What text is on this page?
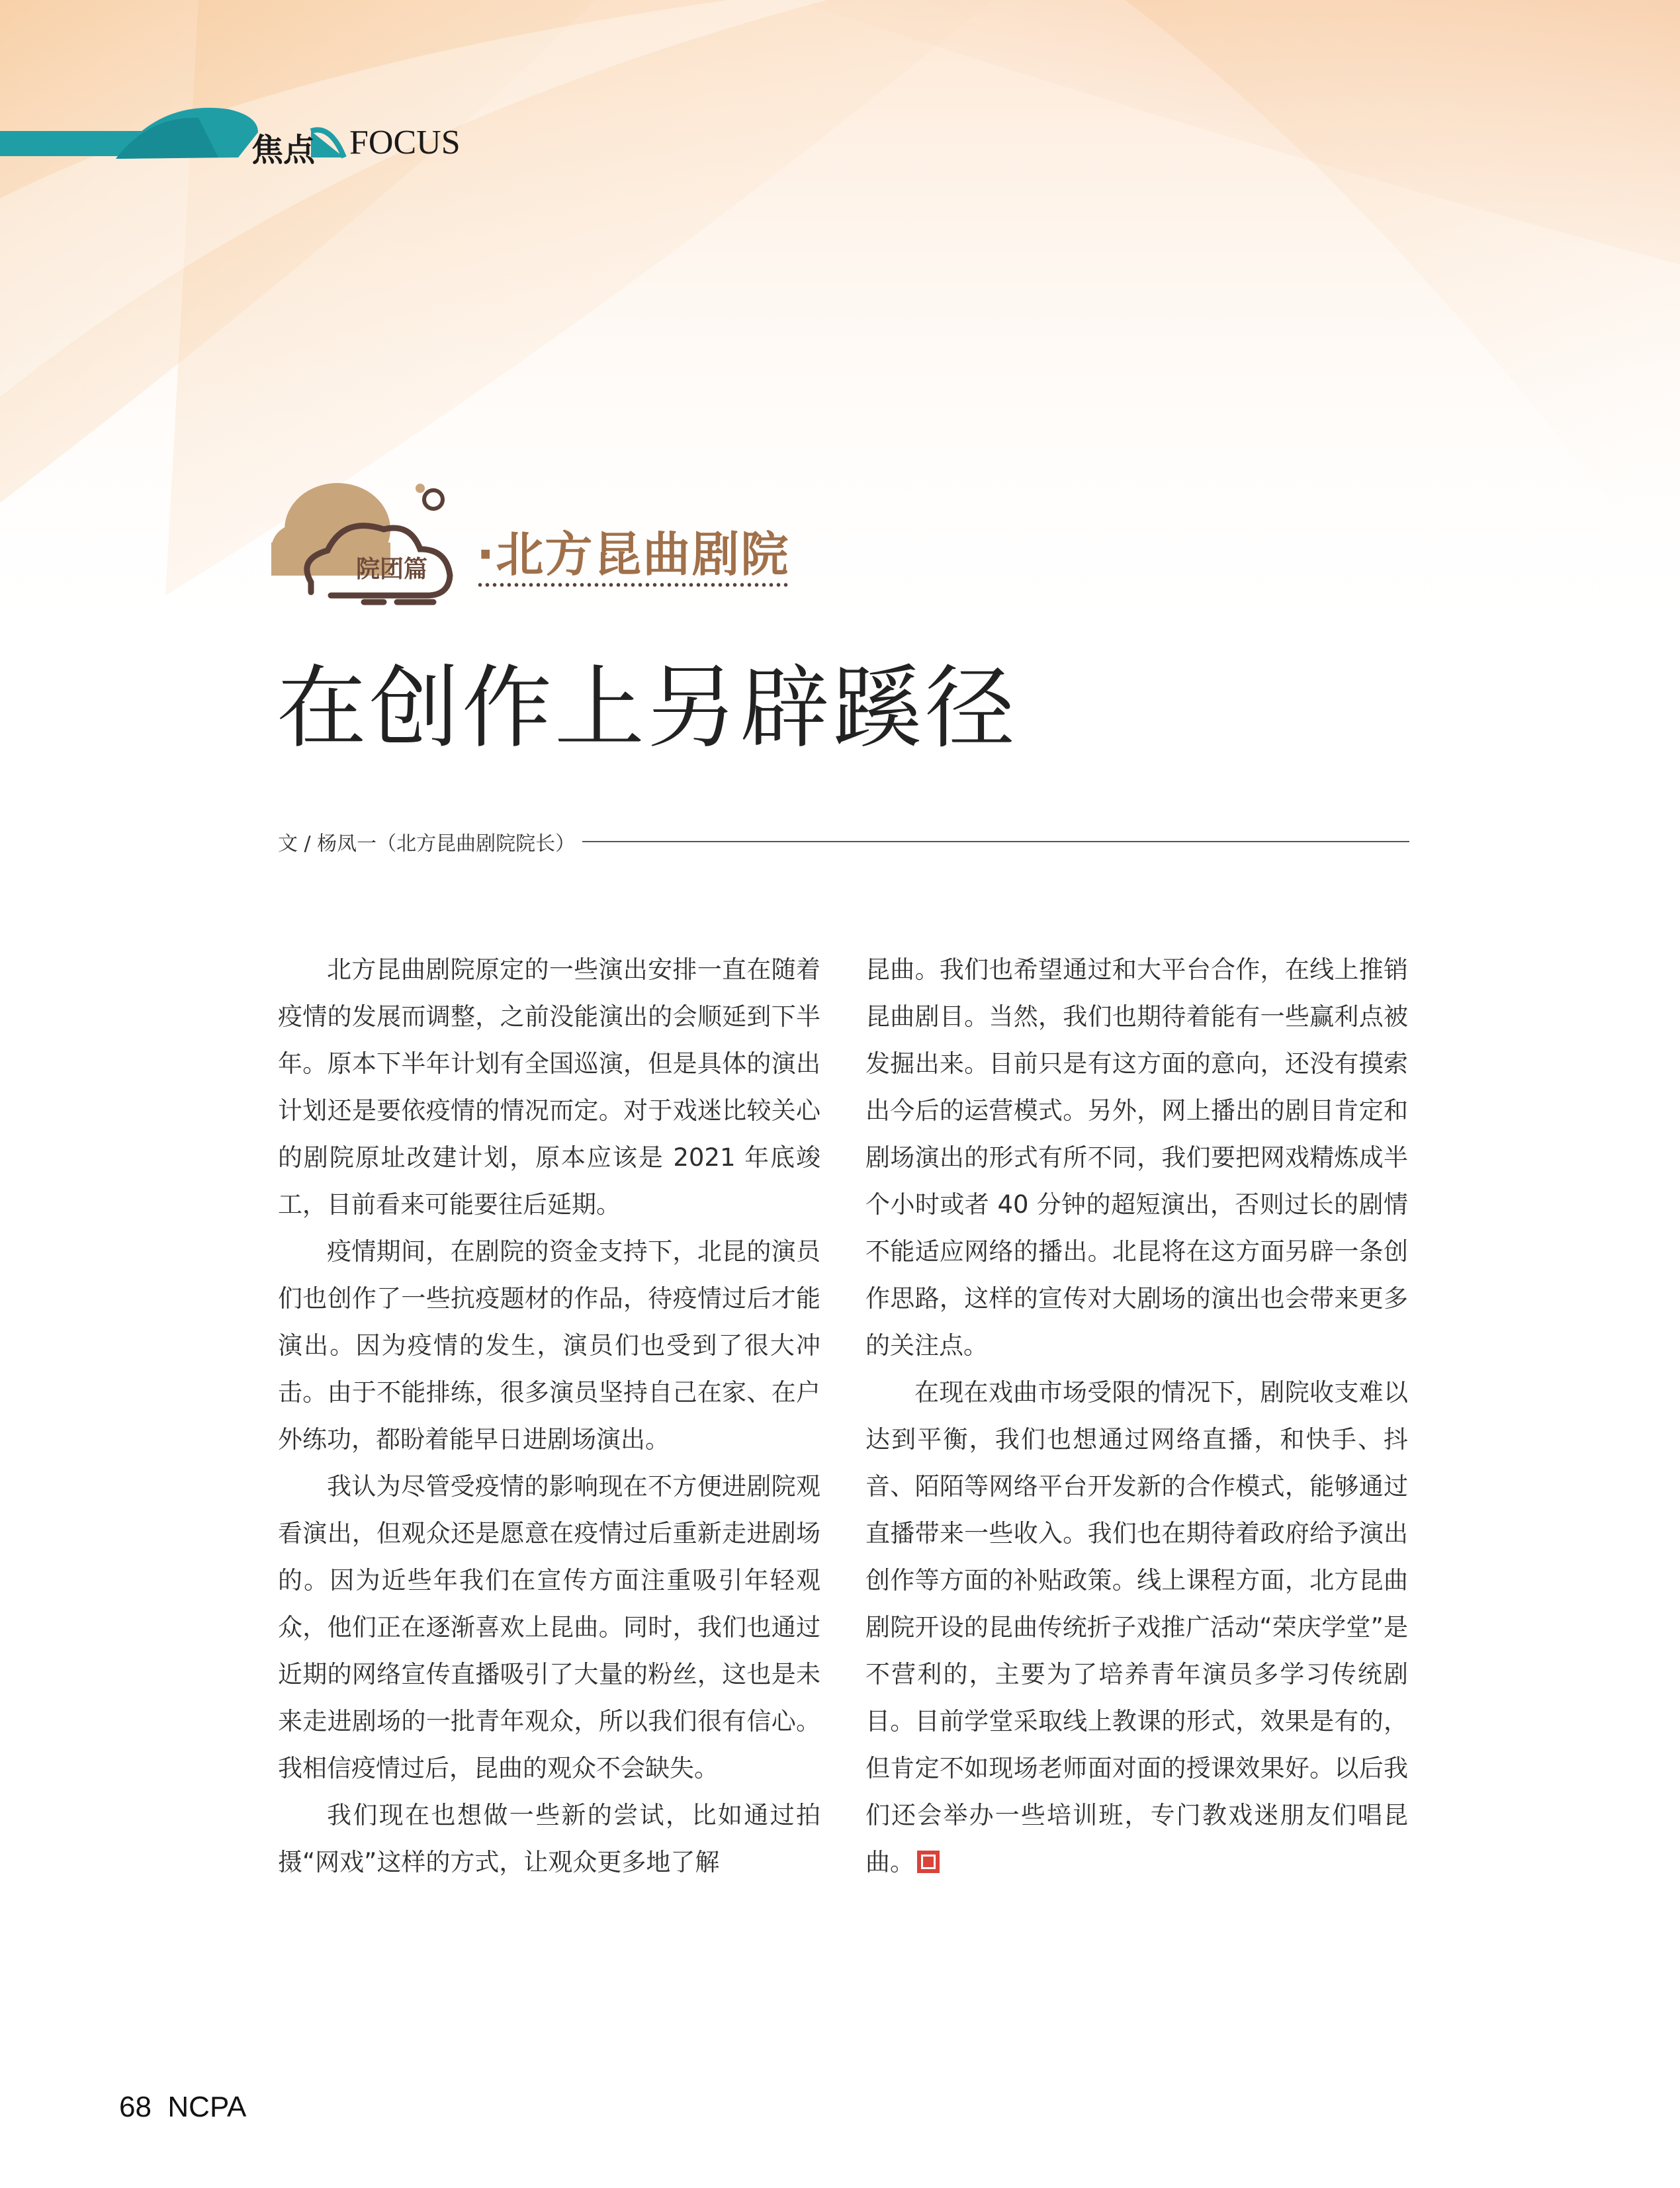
焦点 FOCUS
院团篇 ·北方昆曲剧院
在创作上另辟蹊径
文 / 杨凤一（北方昆曲剧院院长）

北方昆曲剧院原定的一些演出安排一直在随着疫情的发展而调整，之前没能演出的会顺延到下半年。原本下半年计划有全国巡演，但是具体的演出计划还是要依疫情的情况而定。对于戏迷比较关心的剧院原址改建计划，原本应该是 2021 年底竣工，目前看来可能要往后延期。

疫情期间，在剧院的资金支持下，北昆的演员们也创作了一些抗疫题材的作品，待疫情过后才能演出。因为疫情的发生，演员们也受到了很大冲击。由于不能排练，很多演员坚持自己在家、在户外练功，都盼着能早日进剧场演出。

我认为尽管受疫情的影响现在不方便进剧院观看演出，但观众还是愿意在疫情过后重新走进剧场的。因为近些年我们在宣传方面注重吸引年轻观众，他们正在逐渐喜欢上昆曲。同时，我们也通过近期的网络宣传直播吸引了大量的粉丝，这也是未来走进剧场的一批青年观众，所以我们很有信心。我相信疫情过后，昆曲的观众不会缺失。

我们现在也想做一些新的尝试，比如通过拍摄“网戏”这样的方式，让观众更多地了解

昆曲。我们也希望通过和大平台合作，在线上推销昆曲剧目。当然，我们也期待着能有一些赢利点被发掘出来。目前只是有这方面的意向，还没有摸索出今后的运营模式。另外，网上播出的剧目肯定和剧场演出的形式有所不同，我们要把网戏精炼成半个小时或者 40 分钟的超短演出，否则过长的剧情不能适应网络的播出。北昆将在这方面另辟一条创作思路，这样的宣传对大剧场的演出也会带来更多的关注点。

在现在戏曲市场受限的情况下，剧院收支难以达到平衡，我们也想通过网络直播，和快手、抖音、陌陌等网络平台开发新的合作模式，能够通过直播带来一些收入。我们也在期待着政府给予演出创作等方面的补贴政策。线上课程方面，北方昆曲剧院开设的昆曲传统折子戏推广活动“荣庆学堂”是不营利的，主要为了培养青年演员多学习传统剧目。目前学堂采取线上教课的形式，效果是有的，但肯定不如现场老师面对面的授课效果好。以后我们还会举办一些培训班，专门教戏迷朋友们唱昆曲。

68  NCPA
